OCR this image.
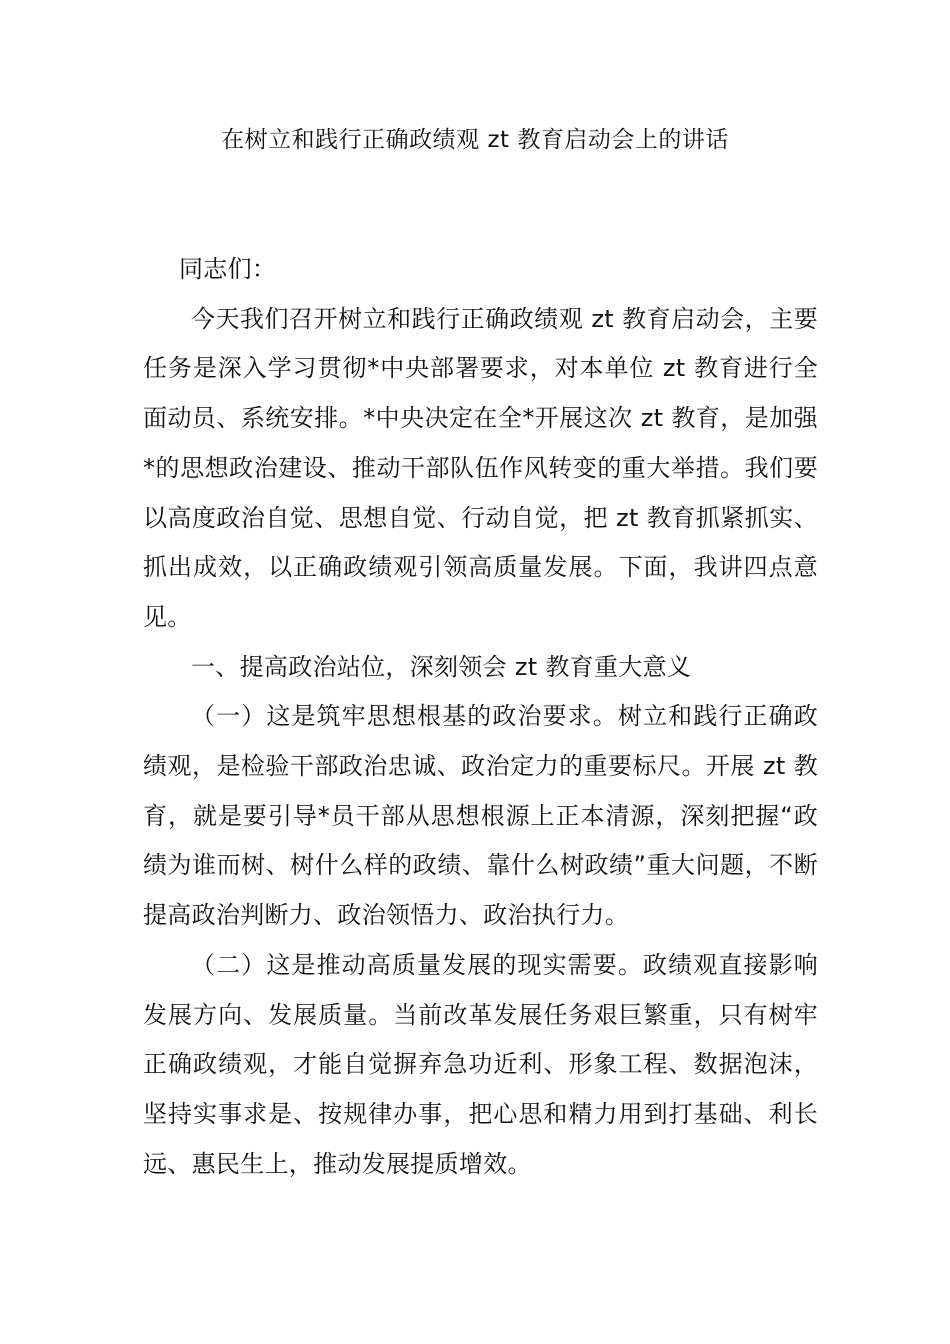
在树立和践行正确政绩观 zt 教育启动会上的讲话

同志们：

今天我们召开树立和践行正确政绩观 zt 教育启动会，主要任务是深入学习贯彻*中央部署要求，对本单位 zt 教育进行全面动员、系统安排。*中央决定在全*开展这次 zt 教育，是加强*的思想政治建设、推动干部队伍作风转变的重大举措。我们要以高度政治自觉、思想自觉、行动自觉，把 zt 教育抓紧抓实、抓出成效，以正确政绩观引领高质量发展。下面，我讲四点意见。

一、提高政治站位，深刻领会 zt 教育重大意义

（一）这是筑牢思想根基的政治要求。树立和践行正确政绩观，是检验干部政治忠诚、政治定力的重要标尺。开展 zt 教育，就是要引导*员干部从思想根源上正本清源，深刻把握“政绩为谁而树、树什么样的政绩、靠什么树政绩”重大问题，不断提高政治判断力、政治领悟力、政治执行力。

（二）这是推动高质量发展的现实需要。政绩观直接影响发展方向、发展质量。当前改革发展任务艰巨繁重，只有树牢正确政绩观，才能自觉摒弃急功近利、形象工程、数据泡沫，坚持实事求是、按规律办事，把心思和精力用到打基础、利长远、惠民生上，推动发展提质增效。
